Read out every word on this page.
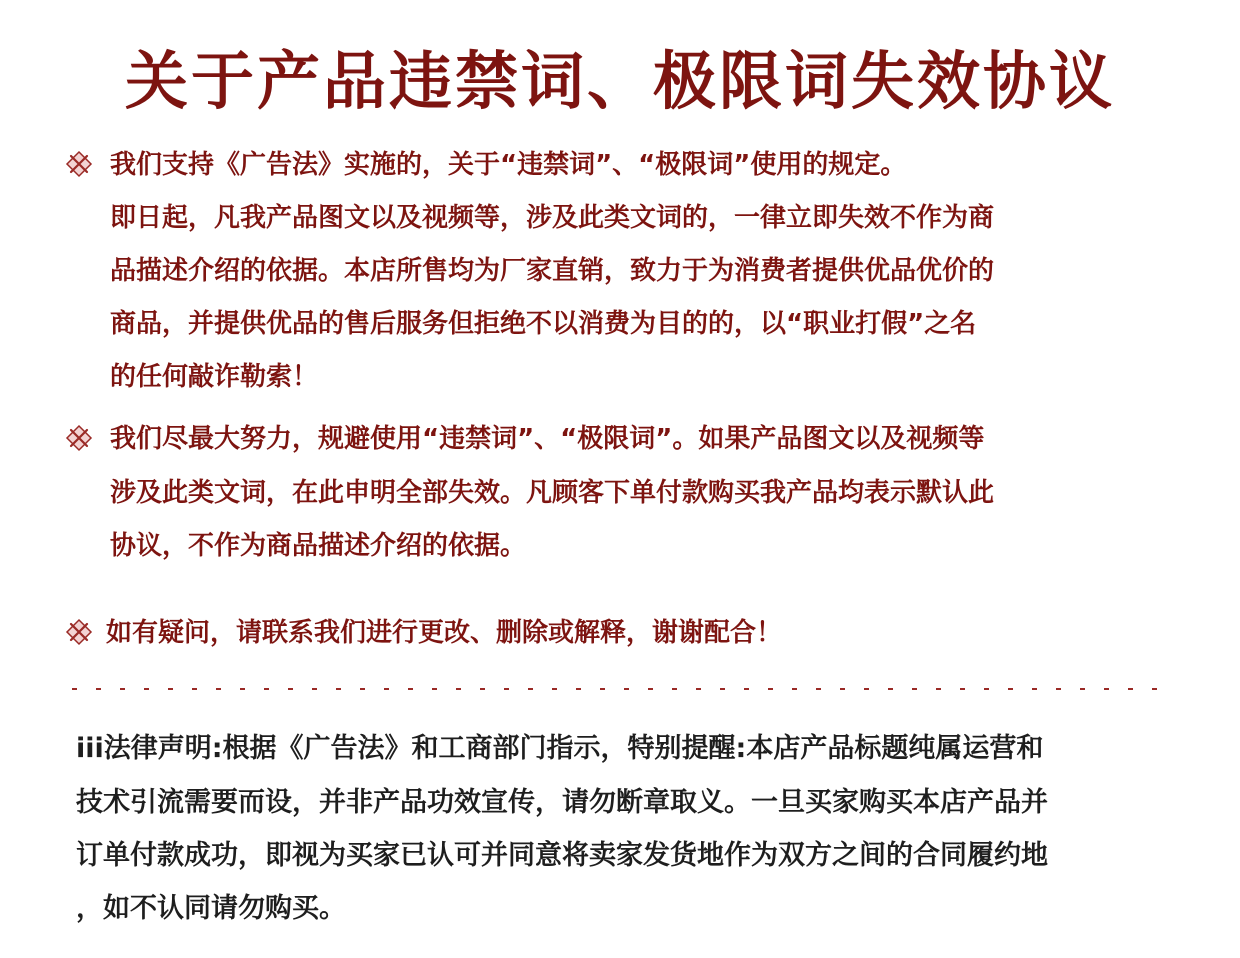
关于产品违禁词、极限词失效协议
我们支持《广告法》实施的，关于“违禁词”、“极限词”使用的规定。
即日起，凡我产品图文以及视频等，涉及此类文词的，一律立即失效不作为商
品描述介绍的依据。本店所售均为厂家直销，致力于为消费者提供优品优价的
商品，并提供优品的售后服务但拒绝不以消费为目的的，以“职业打假”之名
的任何敲诈勒索！
我们尽最大努力，规避使用“违禁词”、“极限词”。如果产品图文以及视频等
涉及此类文词，在此申明全部失效。凡顾客下单付款购买我产品均表示默认此
协议，不作为商品描述介绍的依据。
如有疑问，请联系我们进行更改、删除或解释，谢谢配合！
iii法律声明:根据《广告法》和工商部门指示，特别提醒:本店产品标题纯属运营和
技术引流需要而设，并非产品功效宣传，请勿断章取义。一旦买家购买本店产品并
订单付款成功，即视为买家已认可并同意将卖家发货地作为双方之间的合同履约地
，如不认同请勿购买。
